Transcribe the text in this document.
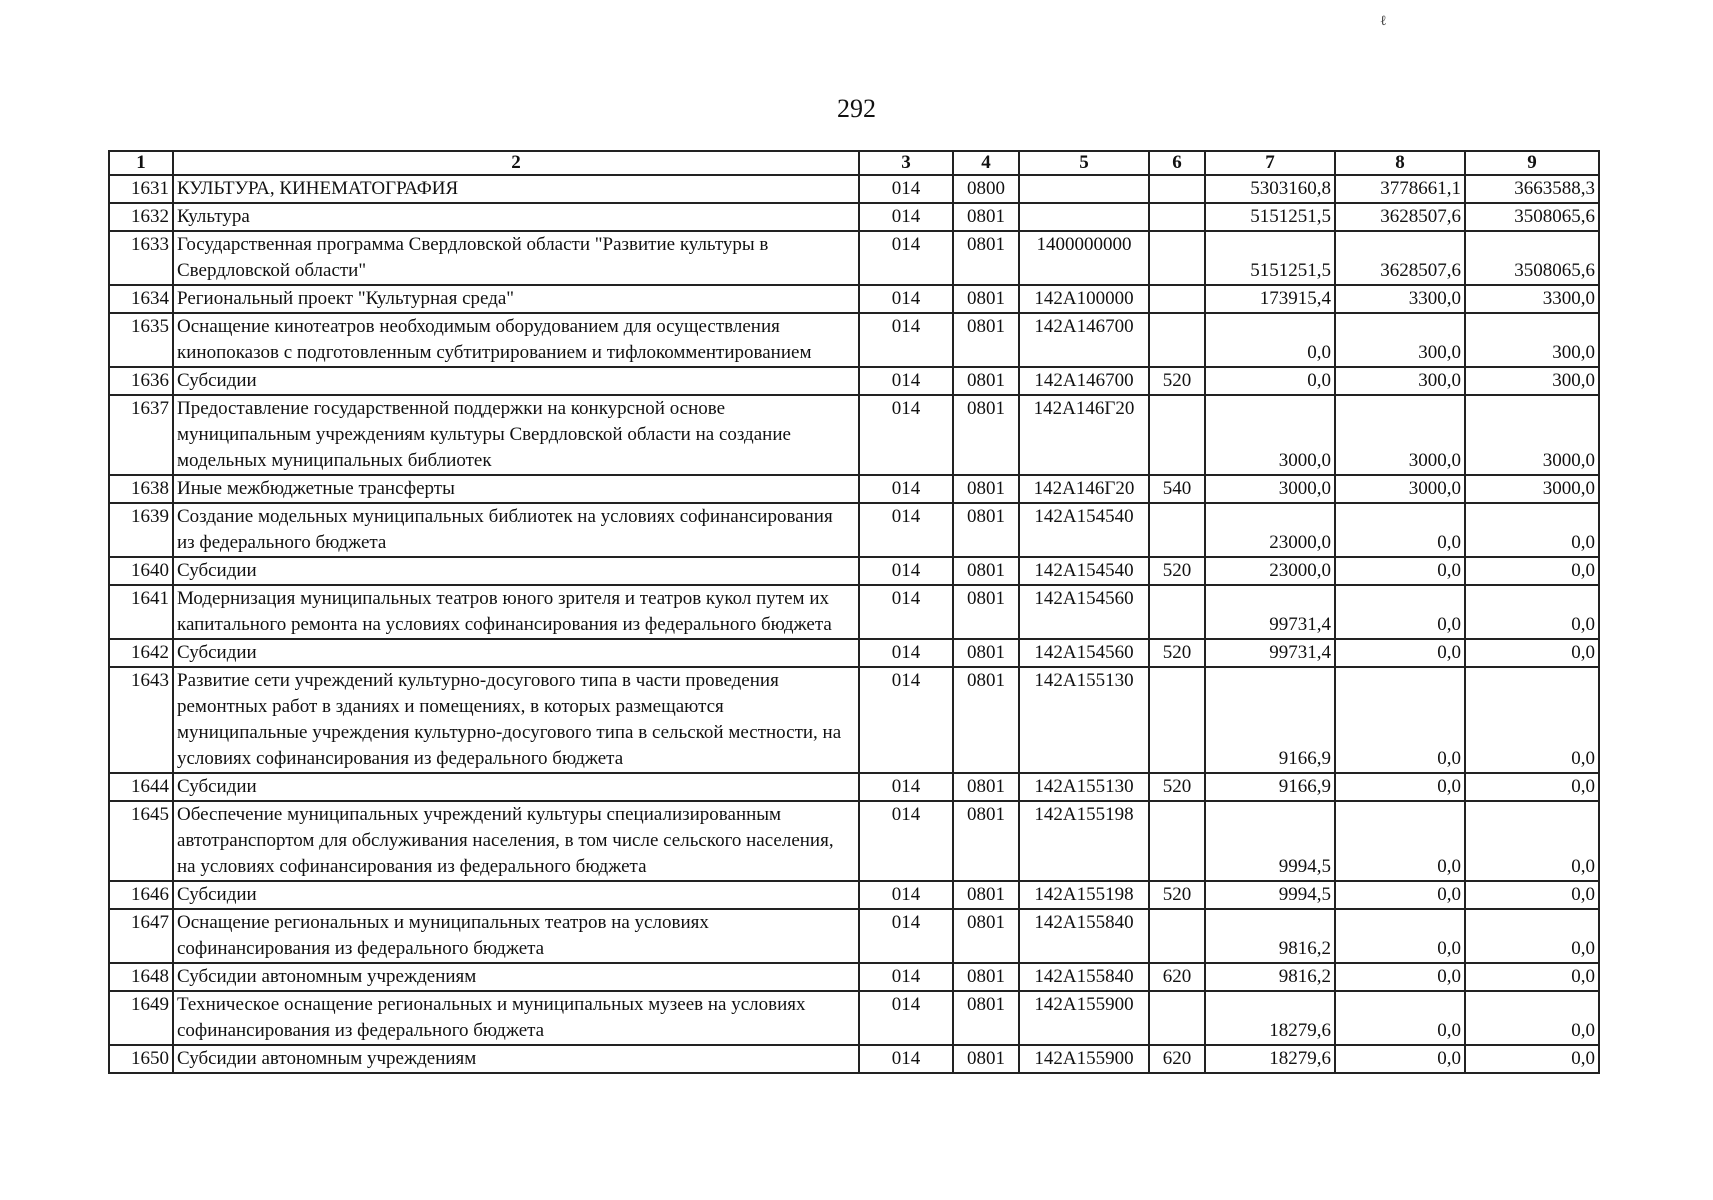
ℓ
292
1	2	3	4	5	6	7	8	9
1631	КУЛЬТУРА, КИНЕМАТОГРАФИЯ	014	0800			5303160,8	3778661,1	3663588,3
1632	Культура	014	0801			5151251,5	3628507,6	3508065,6
1633	Государственная программа Свердловской области "Развитие культуры в Свердловской области"	014	0801	1400000000		5151251,5	3628507,6	3508065,6
1634	Региональный проект "Культурная среда"	014	0801	142A100000		173915,4	3300,0	3300,0
1635	Оснащение кинотеатров необходимым оборудованием для осуществления кинопоказов с подготовленным субтитрированием и тифлокомментированием	014	0801	142A146700		0,0	300,0	300,0
1636	Субсидии	014	0801	142A146700	520	0,0	300,0	300,0
1637	Предоставление государственной поддержки на конкурсной основе муниципальным учреждениям культуры Свердловской области на создание модельных муниципальных библиотек	014	0801	142A146Г20		3000,0	3000,0	3000,0
1638	Иные межбюджетные трансферты	014	0801	142A146Г20	540	3000,0	3000,0	3000,0
1639	Создание модельных муниципальных библиотек на условиях софинансирования из федерального бюджета	014	0801	142A154540		23000,0	0,0	0,0
1640	Субсидии	014	0801	142A154540	520	23000,0	0,0	0,0
1641	Модернизация муниципальных театров юного зрителя и театров кукол путем их капитального ремонта на условиях софинансирования из федерального бюджета	014	0801	142A154560		99731,4	0,0	0,0
1642	Субсидии	014	0801	142A154560	520	99731,4	0,0	0,0
1643	Развитие сети учреждений культурно-досугового типа в части проведения ремонтных работ в зданиях и помещениях, в которых размещаются муниципальные учреждения культурно-досугового типа в сельской местности, на условиях софинансирования из федерального бюджета	014	0801	142A155130		9166,9	0,0	0,0
1644	Субсидии	014	0801	142A155130	520	9166,9	0,0	0,0
1645	Обеспечение муниципальных учреждений культуры специализированным автотранспортом для обслуживания населения, в том числе сельского населения, на условиях софинансирования из федерального бюджета	014	0801	142A155198		9994,5	0,0	0,0
1646	Субсидии	014	0801	142A155198	520	9994,5	0,0	0,0
1647	Оснащение региональных и муниципальных театров на условиях софинансирования из федерального бюджета	014	0801	142A155840		9816,2	0,0	0,0
1648	Субсидии автономным учреждениям	014	0801	142A155840	620	9816,2	0,0	0,0
1649	Техническое оснащение региональных и муниципальных музеев на условиях софинансирования из федерального бюджета	014	0801	142A155900		18279,6	0,0	0,0
1650	Субсидии автономным учреждениям	014	0801	142A155900	620	18279,6	0,0	0,0
